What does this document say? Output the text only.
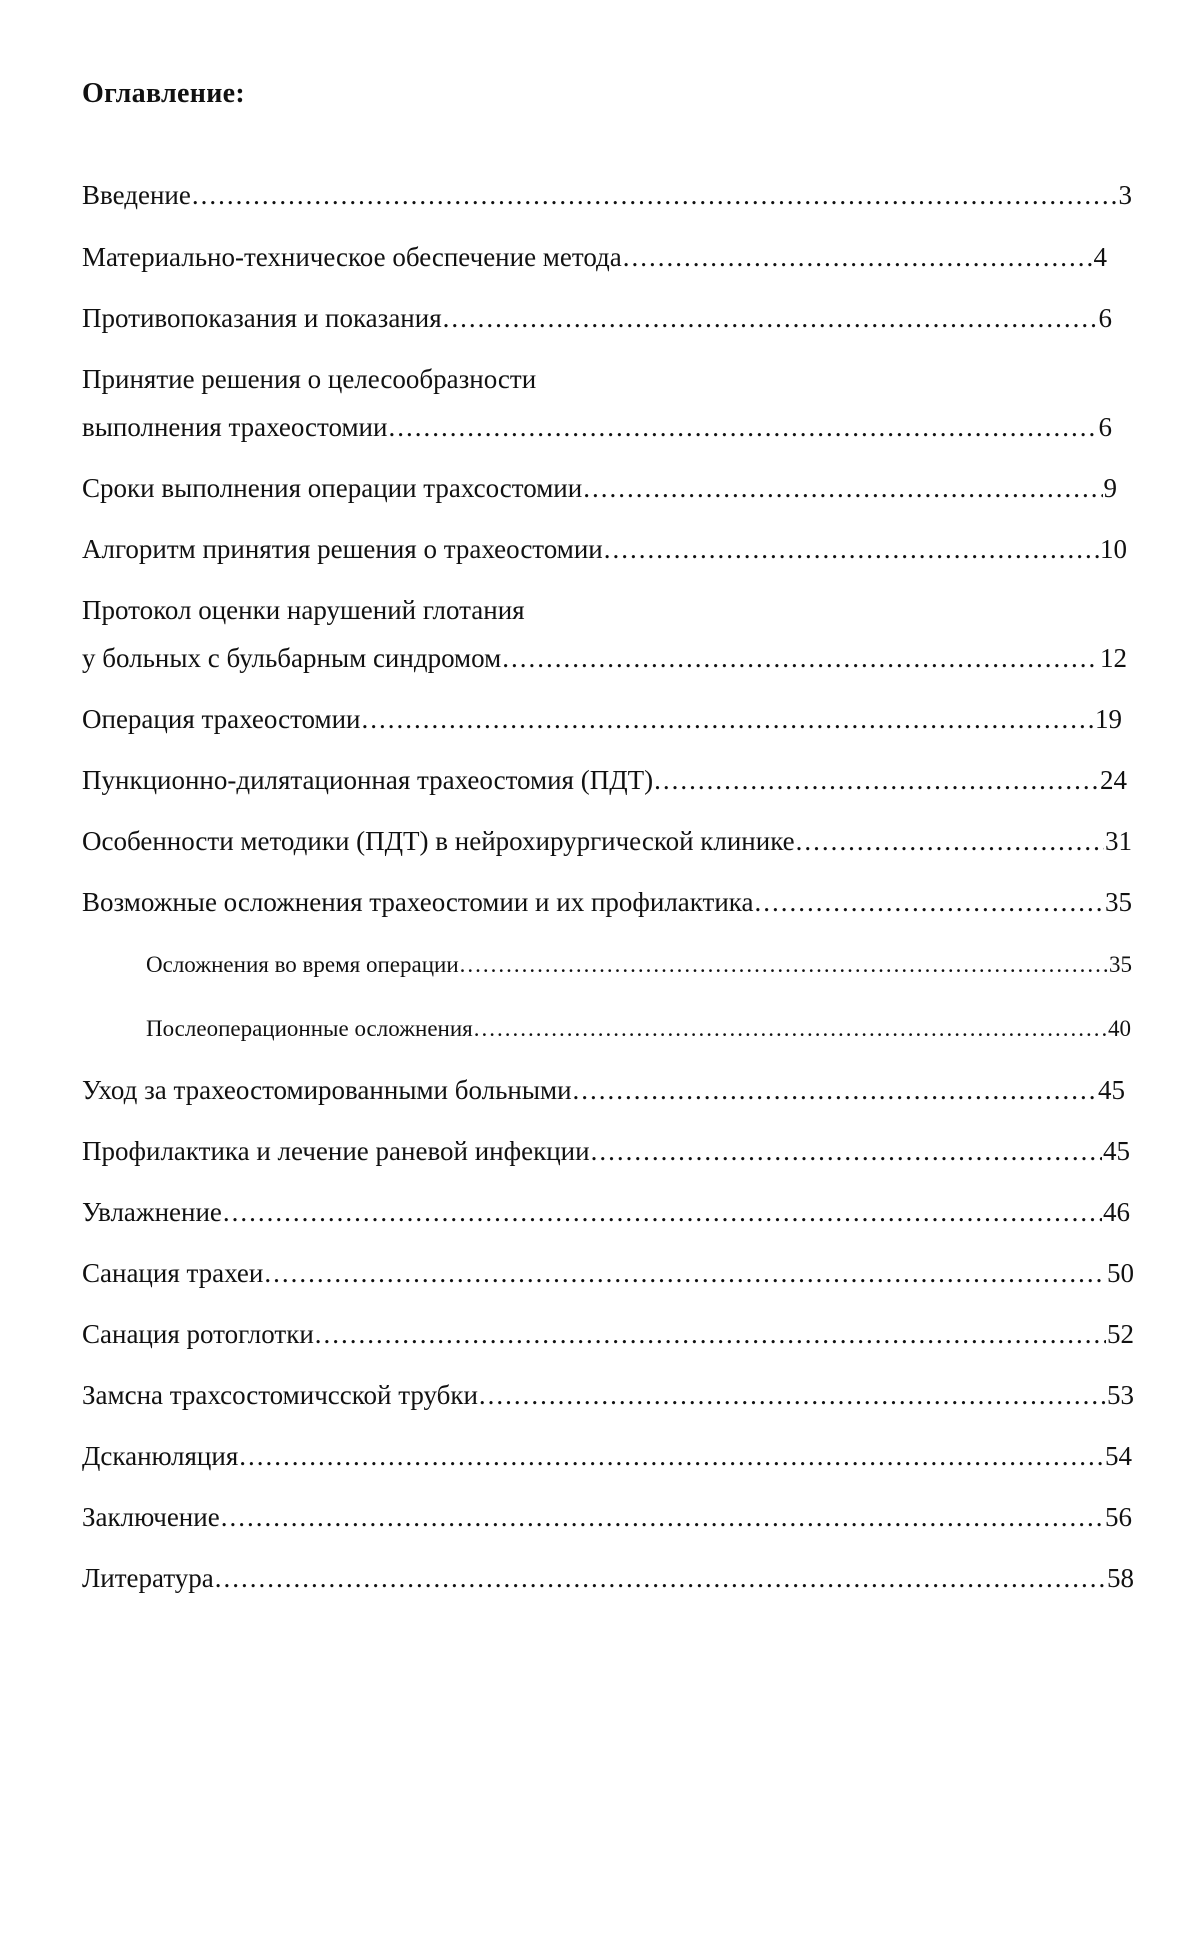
Оглавление:
Введение .....	3
Материально-техническое обеспечение метода .....	4
Противопоказания и показания .....	6
Принятие решения о целесообразности
выполнения трахеостомии .....	6
Сроки выполнения операции трахсостомии .....	9
Алгоритм принятия решения о трахеостомии .....	10
Протокол оценки нарушений глотания
у больных с бульбарным синдромом .....	12
Операция трахеостомии .....	19
Пункционно-дилятационная трахеостомия (ПДТ) .....	24
Особенности методики (ПДТ) в нейрохирургической клинике .....	31
Возможные осложнения трахеостомии и их профилактика .....	35
Осложнения во время операции .....	35
Послеоперационные осложнения .....	40
Уход за трахеостомированными больными .....	45
Профилактика и лечение раневой инфекции .....	45
Увлажнение .....	46
Санация трахеи .....	50
Санация ротоглотки .....	52
Замсна трахсостомичсской трубки .....	53
Дсканюляция .....	54
Заключение .....	56
Литература .....	58
